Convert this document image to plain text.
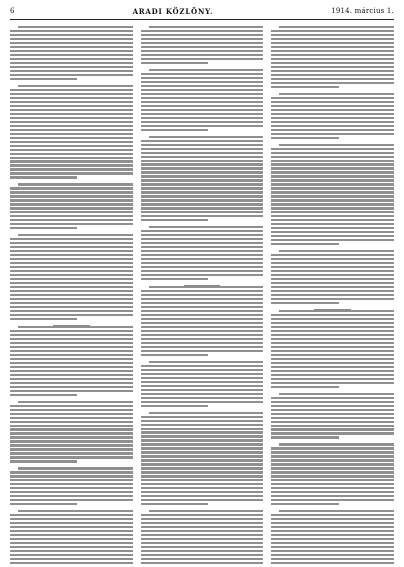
6	ARADI KÖZLÖNY.	1914. március 1.
